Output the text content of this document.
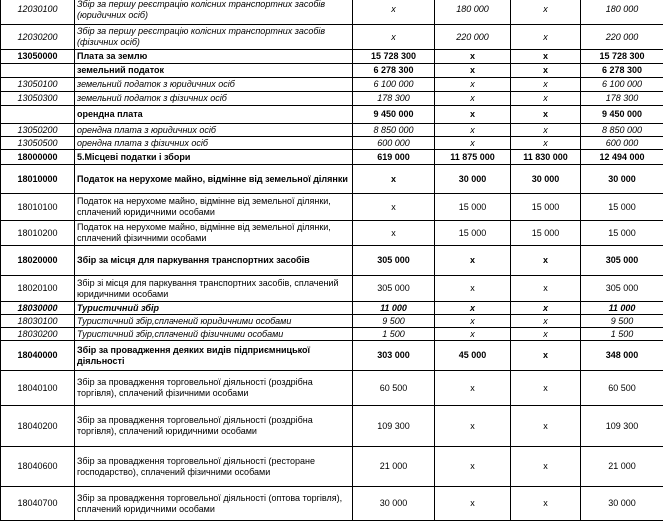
12030100	Збір за першу реєстрацію колісних транспортних засобів (юридичних осіб)	х	180 000	х	180 000
12030200	Збір за першу реєстрацію колісних транспортних засобів (фізичних осіб)	х	220 000	х	220 000
13050000	Плата за землю	15 728 300	х	х	15 728 300
	земельний податок	6 278 300	х	х	6 278 300
13050100	земельний податок з юридичних осіб	6 100 000	х	х	6 100 000
13050300	земельний податок з фізичних осіб	178 300	х	х	178 300
	орендна плата	9 450 000	х	х	9 450 000
13050200	орендна плата з юридичних осіб	8 850 000	х	х	8 850 000
13050500	орендна плата з фізичних осіб	600 000	х	х	600 000
18000000	5.Місцеві податки і збори	619 000	11 875 000	11 830 000	12 494 000
18010000	Податок на нерухоме майно, відмінне від земельної ділянки	х	30 000	30 000	30 000
18010100	Податок на нерухоме майно, відмінне від земельної ділянки, сплачений юридичними особами	х	15 000	15 000	15 000
18010200	Податок на нерухоме майно, відмінне від земельної ділянки, сплачений фізичними особами	х	15 000	15 000	15 000
18020000	Збір за місця для паркування транспортних засобів	305 000	х	х	305 000
18020100	Збір зі місця для паркування транспортних засобів, сплачений юридичними особами	305 000	х	х	305 000
18030000	Туристичний збір	11 000	х	х	11 000
18030100	Туристичний збір,сплачений юридичними особами	9 500	х	х	9 500
18030200	Туристичний збір,сплачений фізичними особами	1 500	х	х	1 500
18040000	Збір за провадження деяких видів підприємницької діяльності	303 000	45 000	х	348 000
18040100	Збір за провадження торговельної діяльності (роздрібна торгівля), сплачений фізичними особами	60 500	х	х	60 500
18040200	Збір за провадження торговельної діяльності (роздрібна торгівля), сплачений юридичними особами	109 300	х	х	109 300
18040600	Збір за провадження торговельної діяльності (ресторане господарство), сплачений фізичними особами	21 000	х	х	21 000
18040700	Збір за провадження торговельної діяльності (оптова торгівля), сплачений юридичними особами	30 000	х	х	30 000
